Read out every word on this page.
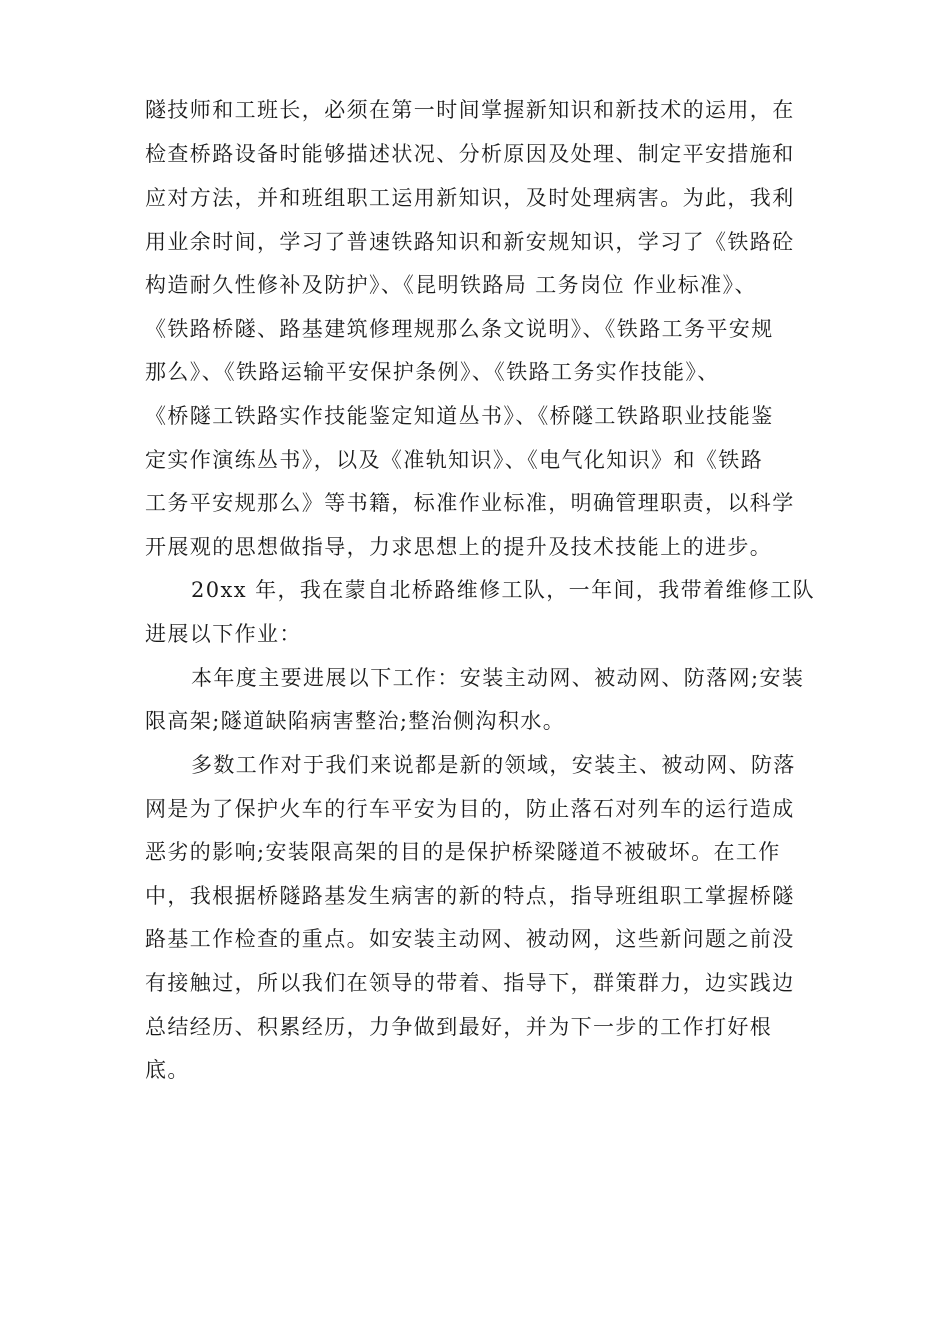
隧技师和工班长，必须在第一时间掌握新知识和新技术的运用，在
检查桥路设备时能够描述状况、分析原因及处理、制定平安措施和
应对方法，并和班组职工运用新知识，及时处理病害。为此，我利
用业余时间，学习了普速铁路知识和新安规知识，学习了《铁路砼
构造耐久性修补及防护》、《昆明铁路局 工务岗位 作业标准》、
《铁路桥隧、路基建筑修理规那么条文说明》、《铁路工务平安规
那么》、《铁路运输平安保护条例》、《铁路工务实作技能》、
《桥隧工铁路实作技能鉴定知道丛书》、《桥隧工铁路职业技能鉴
定实作演练丛书》，以及《准轨知识》、《电气化知识》和《铁路
工务平安规那么》等书籍，标准作业标准，明确管理职责，以科学
开展观的思想做指导，力求思想上的提升及技术技能上的进步。
20xx 年，我在蒙自北桥路维修工队，一年间，我带着维修工队
进展以下作业：
本年度主要进展以下工作：安装主动网、被动网、防落网;安装
限高架;隧道缺陷病害整治;整治侧沟积水。
多数工作对于我们来说都是新的领域，安装主、被动网、防落
网是为了保护火车的行车平安为目的，防止落石对列车的运行造成
恶劣的影响;安装限高架的目的是保护桥梁隧道不被破坏。在工作
中，我根据桥隧路基发生病害的新的特点，指导班组职工掌握桥隧
路基工作检查的重点。如安装主动网、被动网，这些新问题之前没
有接触过，所以我们在领导的带着、指导下，群策群力，边实践边
总结经历、积累经历，力争做到最好，并为下一步的工作打好根
底。
